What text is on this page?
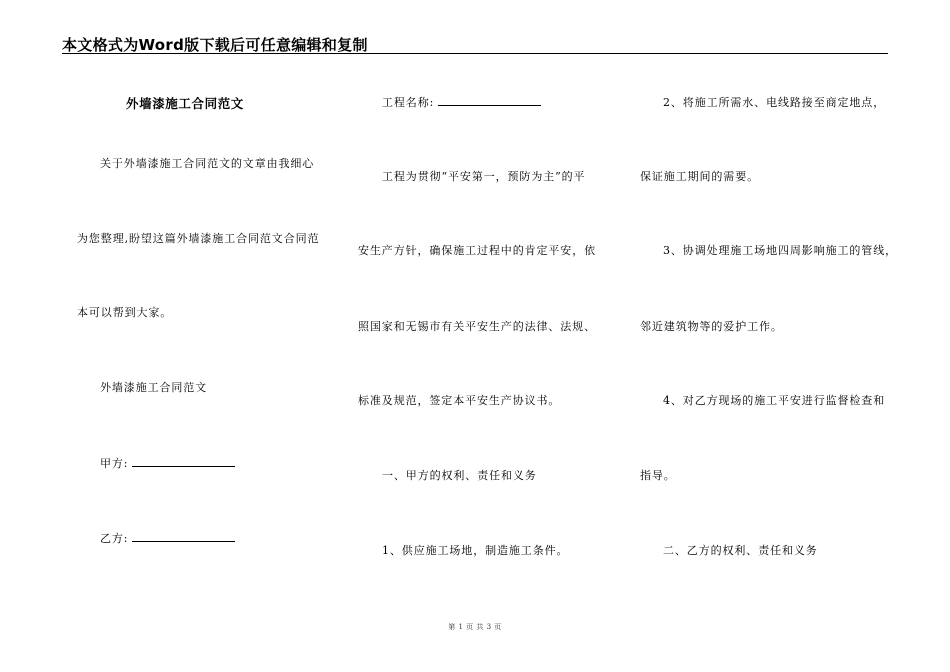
本文格式为Word版下载后可任意编辑和复制
外墙漆施工合同范文
关于外墙漆施工合同范文的文章由我细心
为您整理,盼望这篇外墙漆施工合同范文合同范
本可以帮到大家。
外墙漆施工合同范文
甲方:
乙方:
工程名称:
工程为贯彻“平安第一，预防为主”的平
安生产方针，确保施工过程中的肯定平安，依
照国家和无锡市有关平安生产的法律、法规、
标准及规范，签定本平安生产协议书。
一、甲方的权利、责任和义务
1、供应施工场地，制造施工条件。
2、将施工所需水、电线路接至商定地点，
保证施工期间的需要。
3、协调处理施工场地四周影响施工的管线，
邻近建筑物等的爱护工作。
4、对乙方现场的施工平安进行监督检查和
指导。
二、乙方的权利、责任和义务
第 1 页 共 3 页
